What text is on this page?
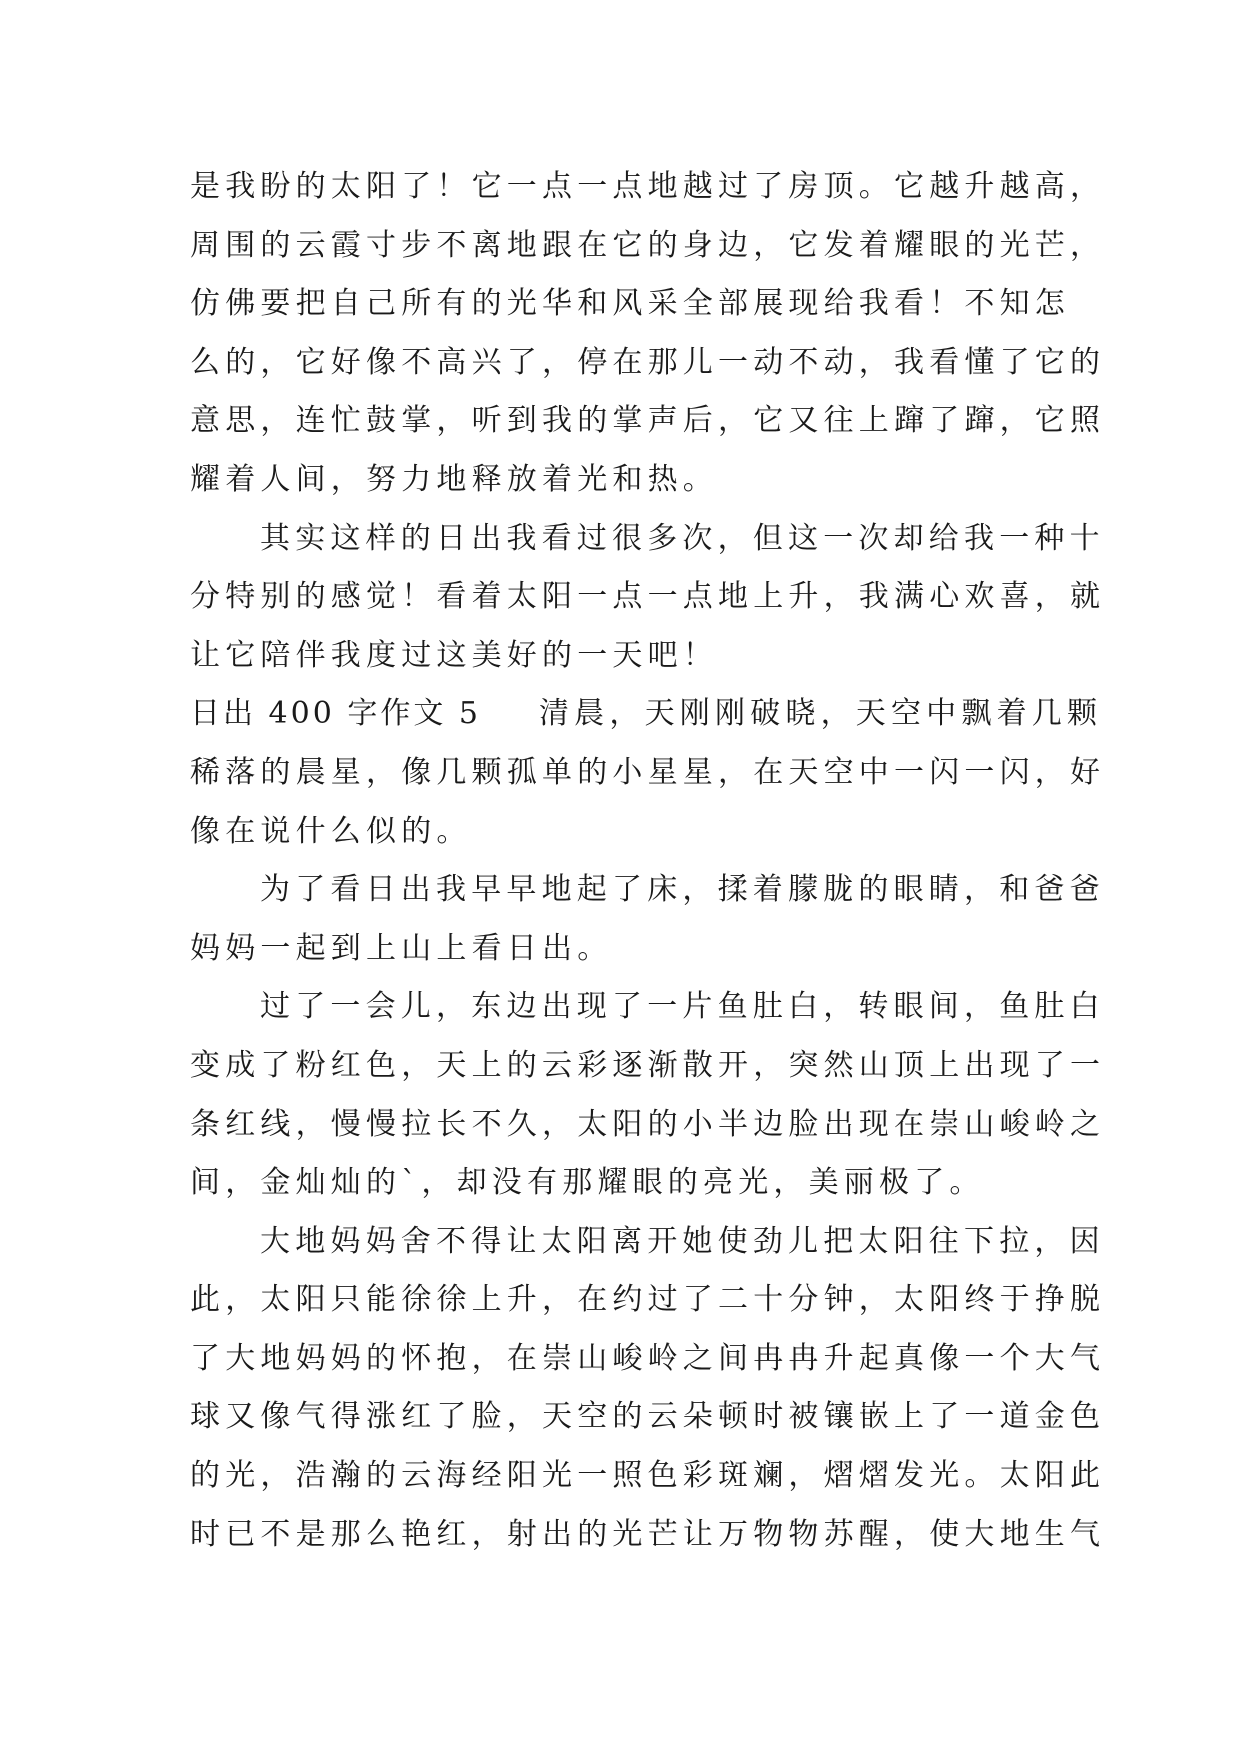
是我盼的太阳了！它一点一点地越过了房顶。它越升越高，
周围的云霞寸步不离地跟在它的身边，它发着耀眼的光芒，
仿佛要把自己所有的光华和风采全部展现给我看！不知怎
么的，它好像不高兴了，停在那儿一动不动，我看懂了它的
意思，连忙鼓掌，听到我的掌声后，它又往上蹿了蹿，它照
耀着人间，努力地释放着光和热。
其实这样的日出我看过很多次，但这一次却给我一种十
分特别的感觉！看着太阳一点一点地上升，我满心欢喜，就
让它陪伴我度过这美好的一天吧！
日出 400 字作文 5 清晨，天刚刚破晓，天空中飘着几颗
稀落的晨星，像几颗孤单的小星星，在天空中一闪一闪，好
像在说什么似的。
为了看日出我早早地起了床，揉着朦胧的眼睛，和爸爸
妈妈一起到上山上看日出。
过了一会儿，东边出现了一片鱼肚白，转眼间，鱼肚白
变成了粉红色，天上的云彩逐渐散开，突然山顶上出现了一
条红线，慢慢拉长不久，太阳的小半边脸出现在崇山峻岭之
间，金灿灿的`，却没有那耀眼的亮光，美丽极了。
大地妈妈舍不得让太阳离开她使劲儿把太阳往下拉，因
此，太阳只能徐徐上升，在约过了二十分钟，太阳终于挣脱
了大地妈妈的怀抱，在崇山峻岭之间冉冉升起真像一个大气
球又像气得涨红了脸，天空的云朵顿时被镶嵌上了一道金色
的光，浩瀚的云海经阳光一照色彩斑斓，熠熠发光。太阳此
时已不是那么艳红，射出的光芒让万物物苏醒，使大地生气
